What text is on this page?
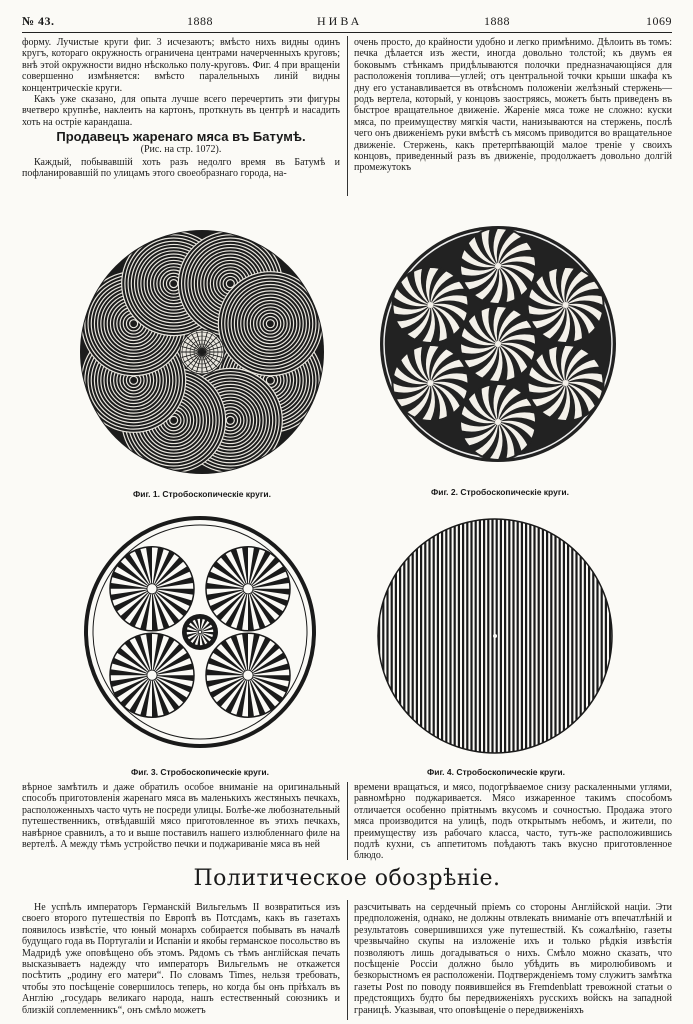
№ 43.	1888	НИВА	1888	1069

форму. Лучистые круги фиг. 3 исчезаютъ; вмѣсто нихъ видны одинъ кругъ, котораго окружность ограничена центрами начерченныхъ круговъ; внѣ этой окружности видно нѣсколько полу-круговъ. Фиг. 4 при вращеніи совершенно измѣняется: вмѣсто паралельныхъ линій видны концентрическіе круги.

Какъ уже сказано, для опыта лучше всего перечертить эти фигуры вчетверо крупнѣе, наклеить на картонъ, проткнуть въ центрѣ и насадить хоть на острiе карандаша.

Продавецъ жаренаго мяса въ Батумѣ.
(Рис. на стр. 1072).

Каждый, побывавшій хоть разъ недолго время въ Батумѣ и пофланировавшій по улицамъ этого своеобразнаго города, на-

очень просто, до крайности удобно и легко примѣнимо. Дѣлоить въ томъ: печка дѣлается изъ жести, иногда довольно толстой; къ двумъ ея боковымъ стѣнкамъ придѣлываются полочки предназначающіяся для расположенія топлива—углей; отъ центральной точки крыши шкафа къ дну его устанавливается въ отвѣсномъ положеніи желѣзный стержень—родъ вертела, который, у концовъ заостряясь, можетъ быть приведенъ въ быстрое вращательное движеніе. Жареніе мяса тоже не сложно: куски мяса, по преимуществу мягкія части, нанизываются на стержень, послѣ чего онъ движеніемъ руки вмѣстѣ съ мясомъ приводится во вращательное движеніе. Стержень, какъ претерпѣвающій малое треніе у своихъ концовъ, приведенный разъ въ движеніе, продолжаетъ довольно долгій промежутокъ

Фиг. 1. Стробоскопическіе круги.	Фиг. 2. Стробоскопическіе круги.
Фиг. 3. Стробоскопическіе круги.	Фиг. 4. Стробоскопическіе круги.

вѣрное замѣтилъ и даже обратилъ особое вниманіе на оригинальный способъ приготовленія жаренаго мяса въ маленькихъ жестяныхъ печкахъ, расположенныхъ часто чуть не посреди улицы. Болѣе-же любознательный путешественникъ, отвѣдавшій мясо приготовленное въ этихъ печкахъ, навѣрное сравнилъ, а то и выше поставилъ нашего излюбленнаго филе на вертелѣ. А между тѣмъ устройство печки и поджариваніе мяса въ ней

времени вращаться, и мясо, подогрѣваемое снизу раскаленными углями, равномѣрно поджаривается. Мясо изжаренное такимъ способомъ отличается особенно пріятнымъ вкусомъ и сочностью. Продажа этого мяса производится на улицѣ, подъ открытымъ небомъ, и жители, по преимуществу изъ рабочаго класса, часто, тутъ-же расположившись подлѣ кухни, съ аппетитомъ поѣдаютъ такъ вкусно приготовленное блюдо.

Политическое обозрѣніе.

Не успѣлъ императоръ Германскій Вильгельмъ II возвратиться изъ своего второго путешествія по Европѣ въ Потсдамъ, какъ въ газетахъ появилось извѣстіе, что юный монархъ собирается побывать въ началѣ будущаго года въ Португаліи и Испаніи и якобы германское посольство въ Мадридѣ уже оповѣщено объ этомъ. Рядомъ съ тѣмъ англійская печать высказываетъ надежду что императоръ Вильгельмъ не откажется посѣтить „родину его матери“. По словамъ Times, нельзя требовать, чтобы это посѣщеніе совершилось теперь, но когда бы онъ пріѣхалъ въ Англію „государь великаго народа, нашъ естественный союзникъ и близкій соплеменникъ“, онъ смѣло можетъ

разсчитывать на сердечный пріемъ со стороны Англійской націи. Эти предположенія, однако, не должны отвлекать вниманіе отъ впечатлѣній и результатовъ совершившихся уже путешествій. Къ сожалѣнію, газеты чрезвычайно скупы на изложеніе ихъ и только рѣдкія извѣстія позволяютъ лишь догадываться о нихъ. Смѣло можно сказать, что посѣщеніе Россіи должно было убѣдить въ миролюбивомъ и безкорыстномъ ея расположеніи. Подтвержденіемъ тому служитъ замѣтка газеты Post по поводу появившейся въ Fremdenblatt тревожной статьи о предстоящихъ будто бы передвиженіяхъ русскихъ войскъ на западной границѣ. Указывая, что оповѣщеніе о передвиженіяхъ
